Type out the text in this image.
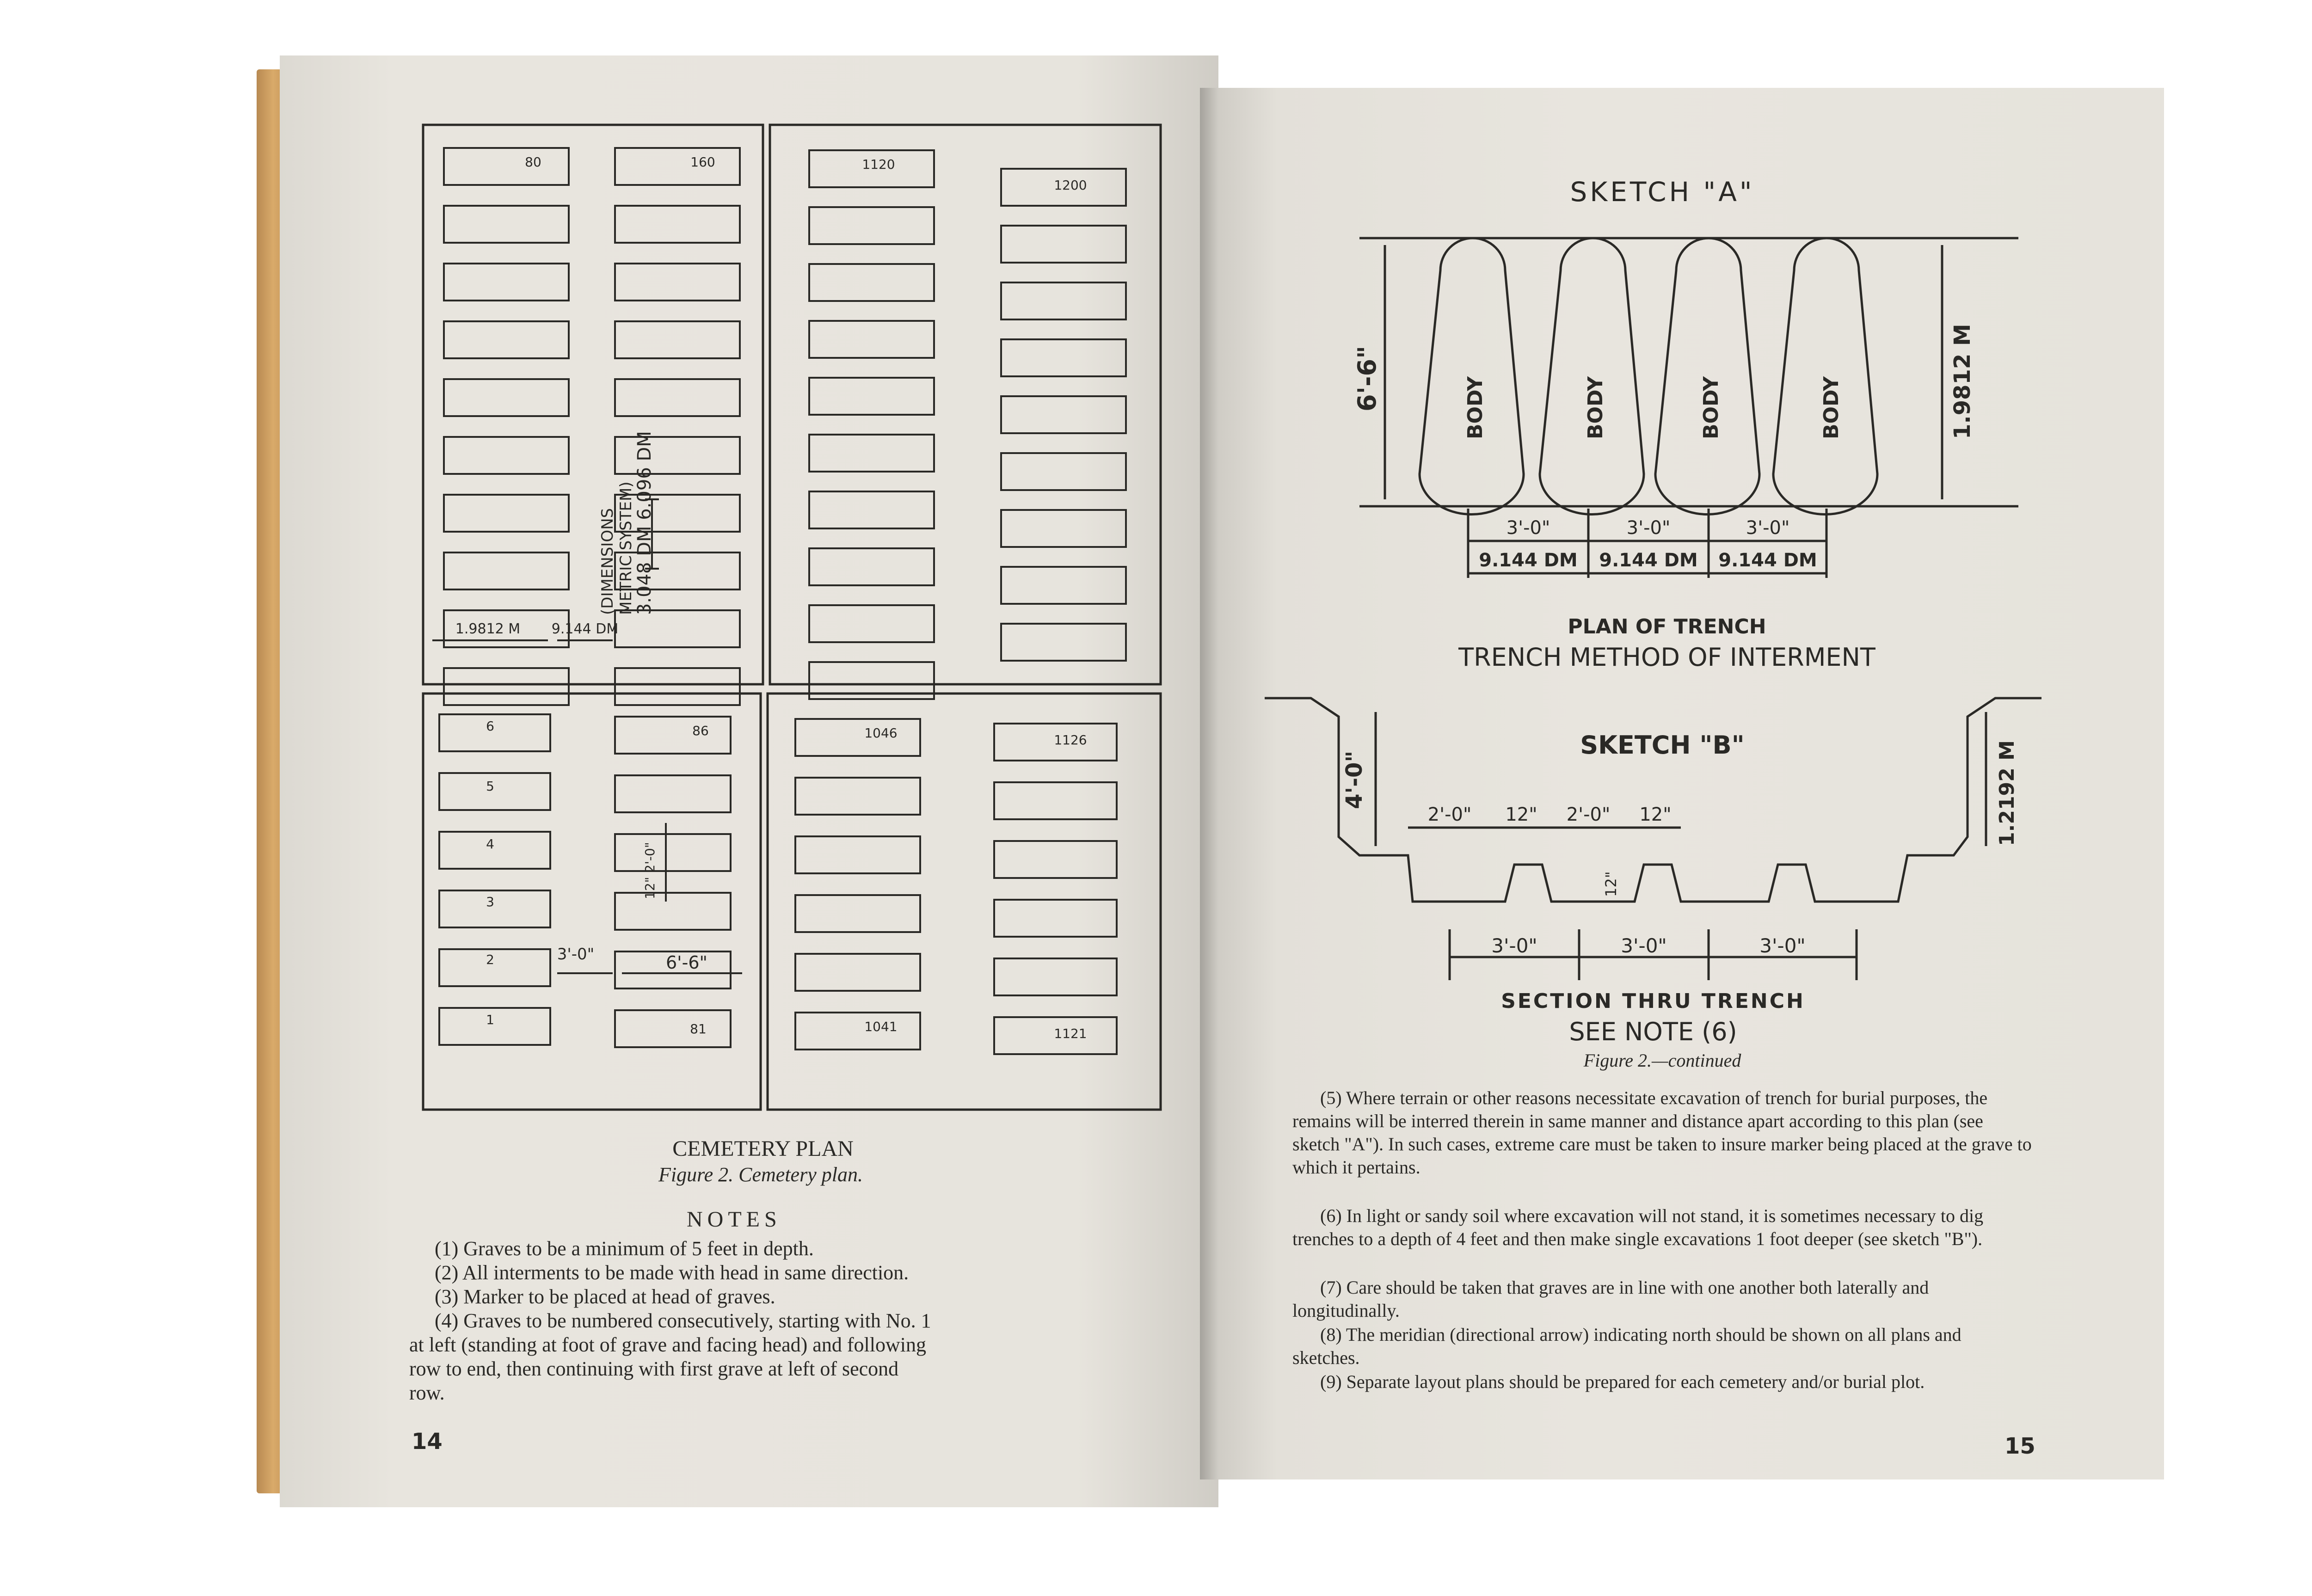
80	160	1120
1200
6
5
4
3
2
1
86
81
1046
1041
1126
1121
(DIMENSIONS METRIC SYSTEM)
3.048 DM 6.096 DM
1.9812 M 9.144 DM
3'-0"	6'-6"
12" 2'-0"
CEMETERY PLAN
Figure 2. Cemetery plan.
NOTES
(1) Graves to be a minimum of 5 feet in depth.
(2) All interments to be made with head in same direction.
(3) Marker to be placed at head of graves.
(4) Graves to be numbered consecutively, starting with No. 1
at left (standing at foot of grave and facing head) and following
row to end, then continuing with first grave at left of second
row.
14
SKETCH "A"
BODY	BODY	BODY	BODY
6'-6"	1.9812 M
3'-0"	3'-0"	3'-0"
9.144 DM 9.144 DM 9.144 DM
PLAN OF TRENCH
TRENCH METHOD OF INTERMENT
SKETCH "B"
4'-0"	1.2192 M
2'-0" 12" 2'-0" 12"
12"
3'-0"	3'-0"	3'-0"
SECTION THRU TRENCH
SEE NOTE (6)
Figure 2.—continued
(5) Where terrain or other reasons necessitate excavation of trench for burial purposes, the remains will be interred therein in same manner and distance apart according to this plan (see sketch "A"). In such cases, extreme care must be taken to insure marker being placed at the grave to which it pertains.
(6) In light or sandy soil where excavation will not stand, it is sometimes necessary to dig trenches to a depth of 4 feet and then make single excavations 1 foot deeper (see sketch "B").
(7) Care should be taken that graves are in line with one another both laterally and longitudinally.
(8) The meridian (directional arrow) indicating north should be shown on all plans and sketches.
(9) Separate layout plans should be prepared for each cemetery and/or burial plot.
15
